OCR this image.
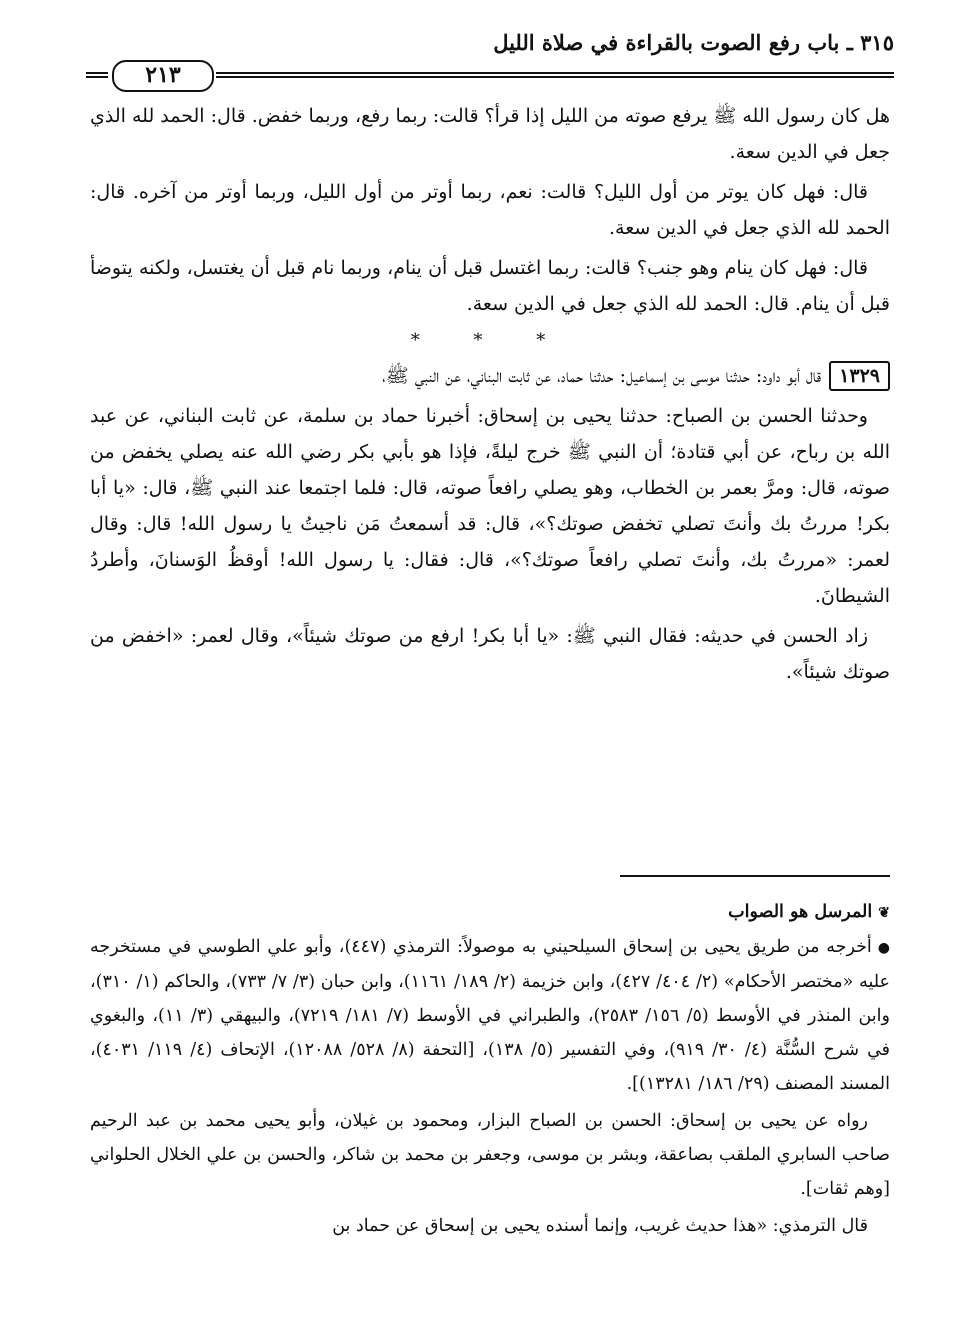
٣١٥ ـ باب رفع الصوت بالقراءة في صلاة الليل
٢١٣

هل كان رسول الله ﷺ يرفع صوته من الليل إذا قرأ؟ قالت: ربما رفع، وربما خفض. قال: الحمد لله الذي جعل في الدين سعة.

قال: فهل كان يوتر من أول الليل؟ قالت: نعم، ربما أوتر من أول الليل، وربما أوتر من آخره. قال: الحمد لله الذي جعل في الدين سعة.

قال: فهل كان ينام وهو جنب؟ قالت: ربما اغتسل قبل أن ينام، وربما نام قبل أن يغتسل، ولكنه يتوضأ قبل أن ينام. قال: الحمد لله الذي جعل في الدين سعة.

* * *

١٣٢٩قال أبو داود: حدثنا موسى بن إسماعيل: حدثنا حماد، عن ثابت البناني، عن النبي ﷺ،

وحدثنا الحسن بن الصباح: حدثنا يحيى بن إسحاق: أخبرنا حماد بن سلمة، عن ثابت البناني، عن عبد الله بن رباح، عن أبي قتادة؛ أن النبي ﷺ خرج ليلةً، فإذا هو بأبي بكر رضي الله عنه يصلي يخفض من صوته، قال: ومرَّ بعمر بن الخطاب، وهو يصلي رافعاً صوته، قال: فلما اجتمعا عند النبي ﷺ، قال: «يا أبا بكر! مررتُ بك وأنتَ تصلي تخفض صوتك؟»، قال: قد أسمعتُ مَن ناجيتُ يا رسول الله! قال: وقال لعمر: «مررتُ بك، وأنتَ تصلي رافعاً صوتك؟»، قال: فقال: يا رسول الله! أوقظُ الوَسنانَ، وأطردُ الشيطانَ.

زاد الحسن في حديثه: فقال النبي ﷺ: «يا أبا بكر! ارفع من صوتك شيئاً»، وقال لعمر: «اخفض من صوتك شيئاً».

❦المرسل هو الصواب

●أخرجه من طريق يحيى بن إسحاق السيلحيني به موصولاً: الترمذي (٤٤٧)، وأبو علي الطوسي في مستخرجه عليه «مختصر الأحكام» (٢/ ٤٠٤/ ٤٢٧)، وابن خزيمة (٢/ ١٨٩/ ١١٦١)، وابن حبان (٣/ ٧/ ٧٣٣)، والحاكم (١/ ٣١٠)، وابن المنذر في الأوسط (٥/ ١٥٦/ ٢٥٨٣)، والطبراني في الأوسط (٧/ ١٨١/ ٧٢١٩)، والبيهقي (٣/ ١١)، والبغوي في شرح السُّنَّة (٤/ ٣٠/ ٩١٩)، وفي التفسير (٥/ ١٣٨)، [التحفة (٨/ ٥٢٨/ ١٢٠٨٨)، الإتحاف (٤/ ١١٩/ ٤٠٣١)، المسند المصنف (٢٩/ ١٨٦/ ١٣٢٨١)].

رواه عن يحيى بن إسحاق: الحسن بن الصباح البزار، ومحمود بن غيلان، وأبو يحيى محمد بن عبد الرحيم صاحب السابري الملقب بصاعقة، وبشر بن موسى، وجعفر بن محمد بن شاكر، والحسن بن علي الخلال الحلواني [وهم ثقات].

قال الترمذي: «هذا حديث غريب، وإنما أسنده يحيى بن إسحاق عن حماد بن
